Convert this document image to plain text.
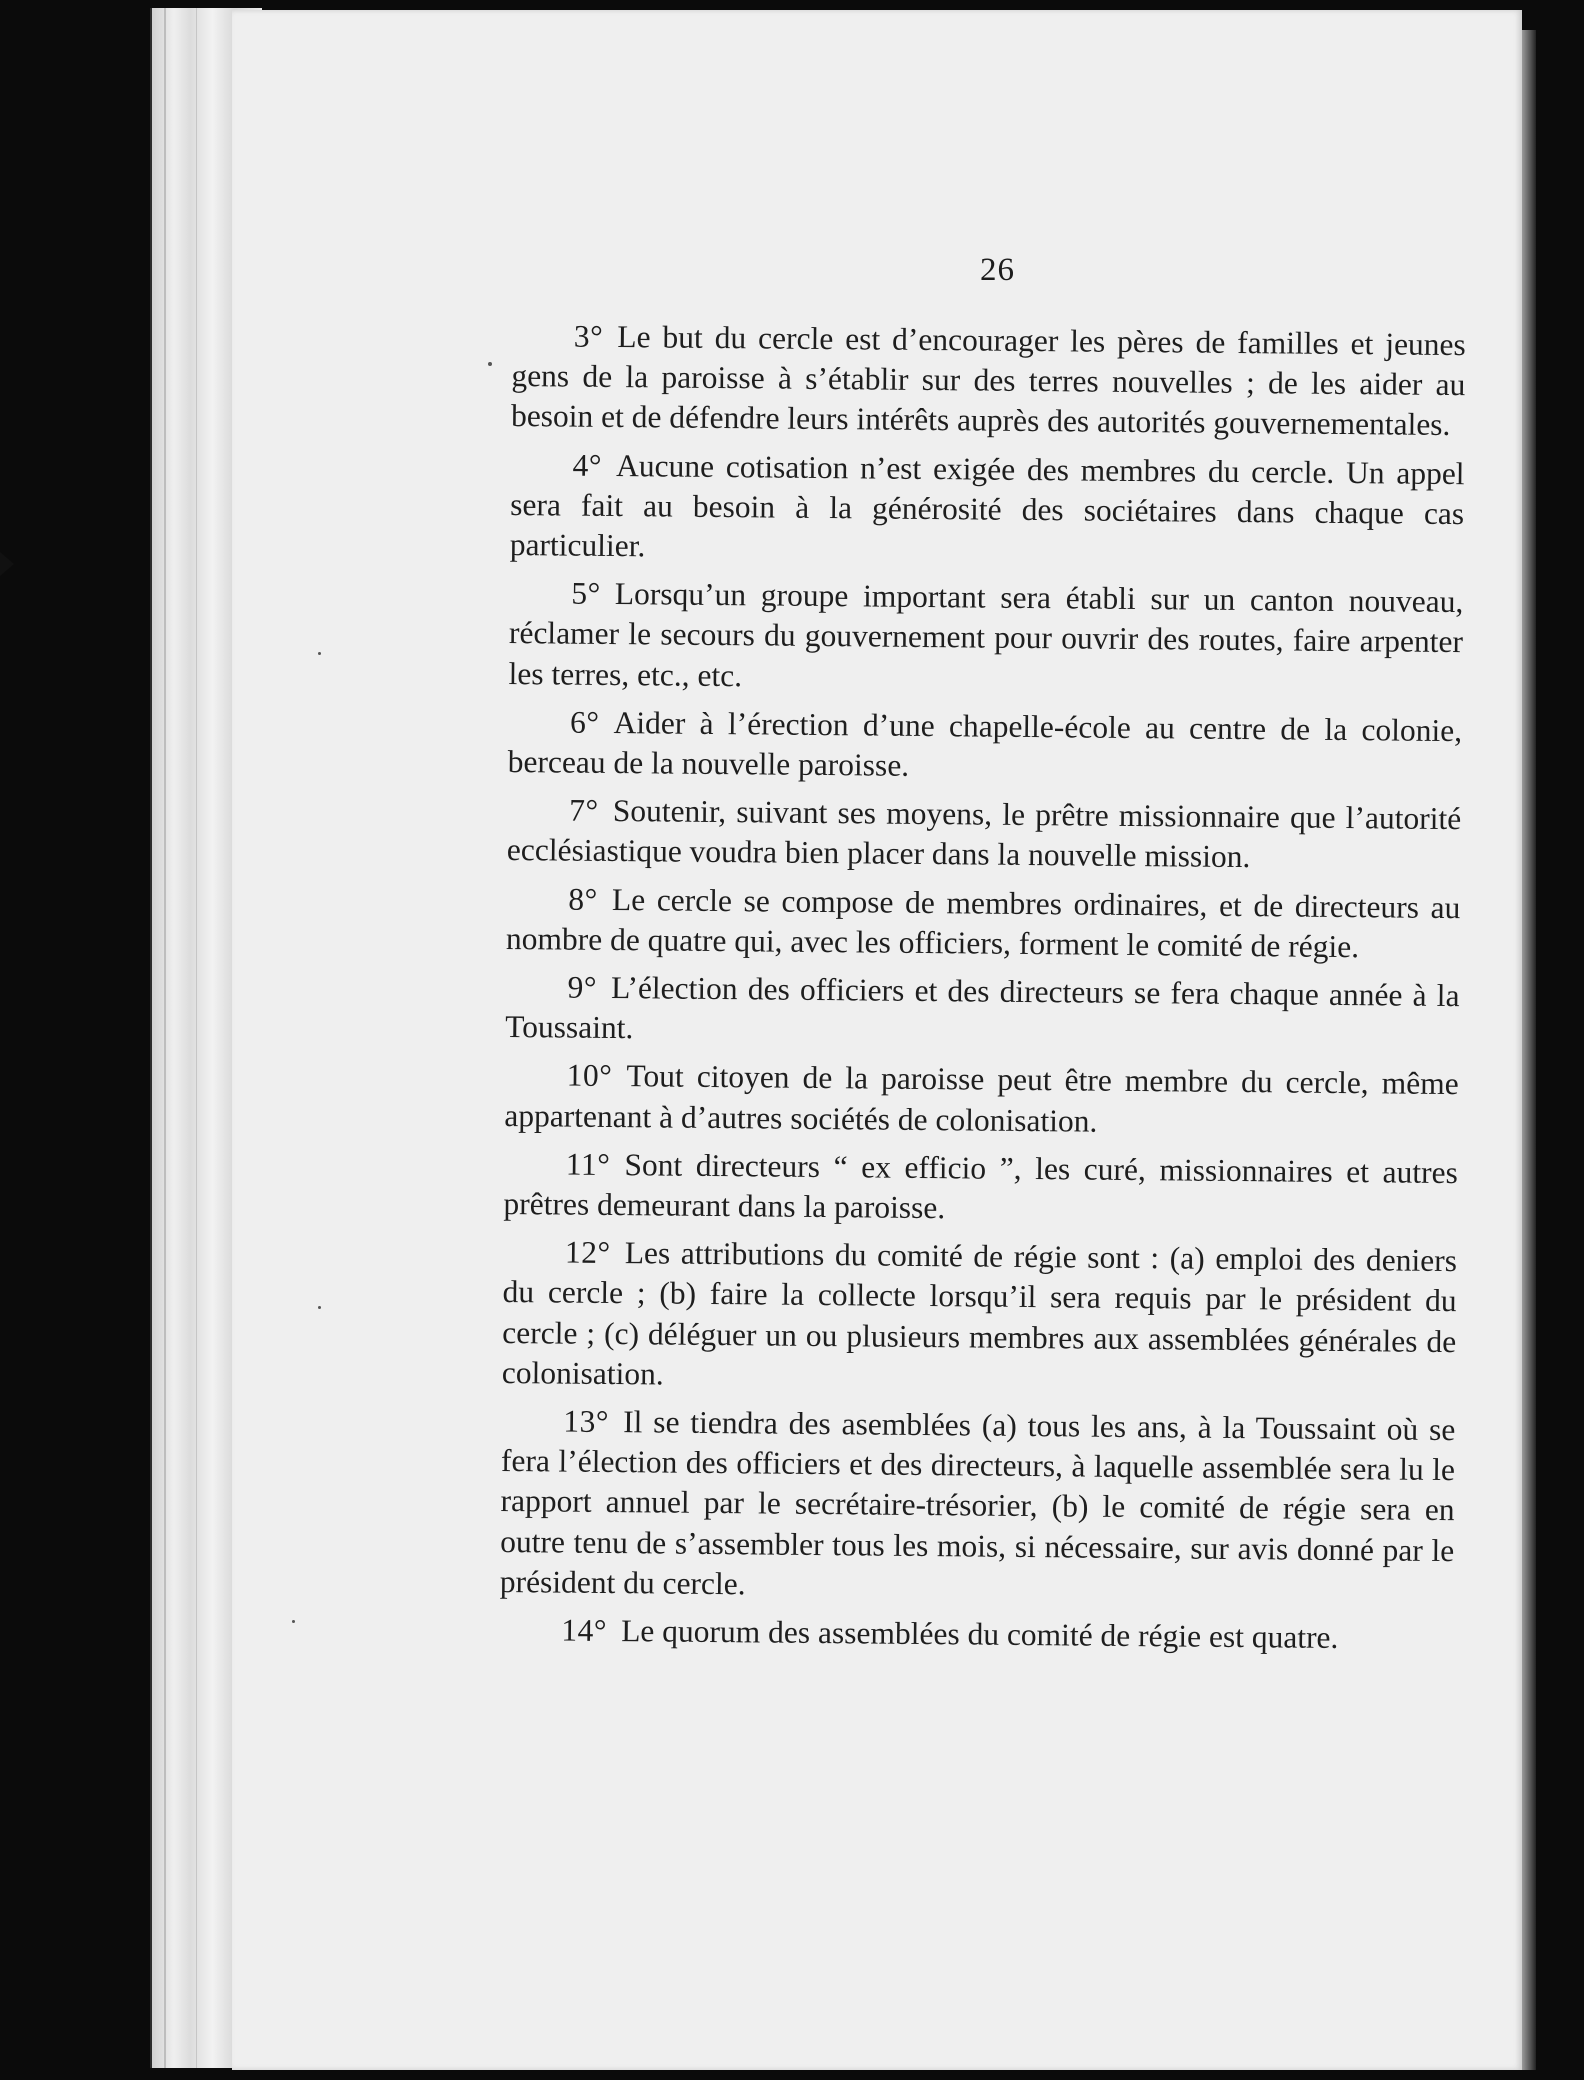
26

3° Le but du cercle est d’encourager les pères de familles et jeunes gens de la paroisse à s’établir sur des terres nouvelles ; de les aider au besoin et de défendre leurs intérêts auprès des autorités gouvernementales.

4° Aucune cotisation n’est exigée des membres du cercle. Un appel sera fait au besoin à la générosité des sociétaires dans chaque cas particulier.

5° Lorsqu’un groupe important sera établi sur un canton nouveau, réclamer le secours du gouvernement pour ouvrir des routes, faire arpenter les terres, etc., etc.

6° Aider à l’érection d’une chapelle-école au centre de la colonie, berceau de la nouvelle paroisse.

7° Soutenir, suivant ses moyens, le prêtre missionnaire que l’autorité ecclésiastique voudra bien placer dans la nouvelle mission.

8° Le cercle se compose de membres ordinaires, et de directeurs au nombre de quatre qui, avec les officiers, forment le comité de régie.

9° L’élection des officiers et des directeurs se fera chaque année à la Toussaint.

10° Tout citoyen de la paroisse peut être membre du cercle, même appartenant à d’autres sociétés de colonisation.

11° Sont directeurs “ ex efficio ”, les curé, missionnaires et autres prêtres demeurant dans la paroisse.

12° Les attributions du comité de régie sont : (a) emploi des deniers du cercle ; (b) faire la collecte lorsqu’il sera requis par le président du cercle ; (c) déléguer un ou plusieurs membres aux assemblées générales de colonisation.

13° Il se tiendra des asemblées (a) tous les ans, à la Toussaint où se fera l’élection des officiers et des directeurs, à laquelle assemblée sera lu le rapport annuel par le secrétaire-trésorier, (b) le comité de régie sera en outre tenu de s’assembler tous les mois, si nécessaire, sur avis donné par le président du cercle.

14° Le quorum des assemblées du comité de régie est quatre.
